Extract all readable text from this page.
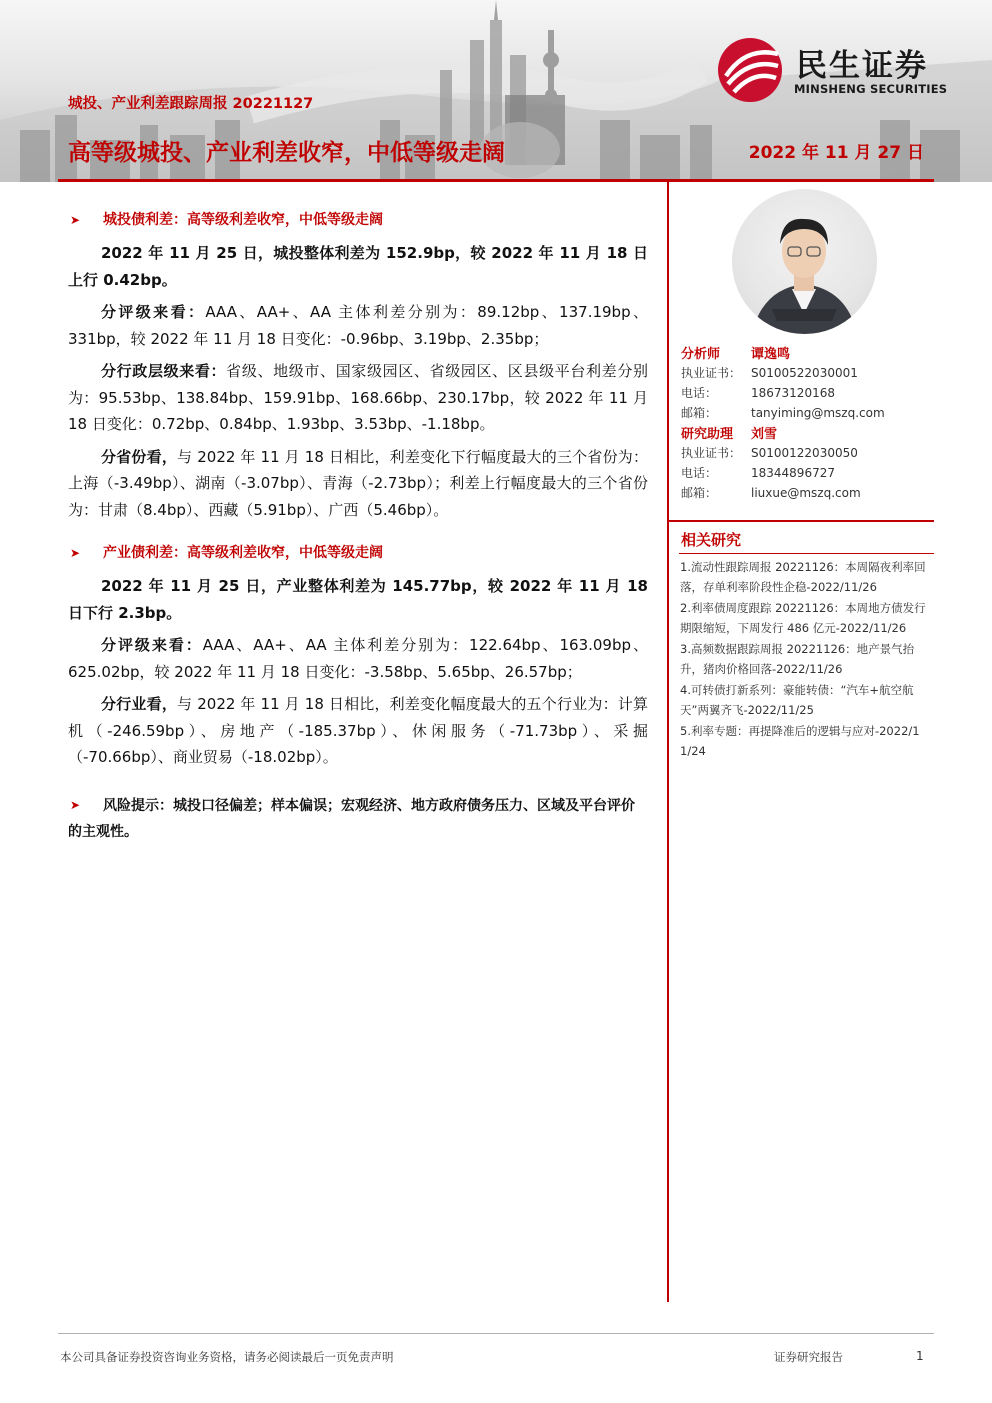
民生证券
MINSHENG SECURITIES
城投、产业利差跟踪周报 20221127
高等级城投、产业利差收窄，中低等级走阔	2022 年 11 月 27 日
➤ 城投债利差：高等级利差收窄，中低等级走阔

2022 年 11 月 25 日，城投整体利差为 152.9bp，较 2022 年 11 月 18 日上行 0.42bp。

分评级来看：AAA、AA+、AA 主体利差分别为：89.12bp、137.19bp、331bp，较 2022 年 11 月 18 日变化：-0.96bp、3.19bp、2.35bp；

分行政层级来看：省级、地级市、国家级园区、省级园区、区县级平台利差分别为：95.53bp、138.84bp、159.91bp、168.66bp、230.17bp，较 2022 年 11 月 18 日变化：0.72bp、0.84bp、1.93bp、3.53bp、-1.18bp。

分省份看，与 2022 年 11 月 18 日相比，利差变化下行幅度最大的三个省份为：上海（-3.49bp）、湖南（-3.07bp）、青海（-2.73bp）；利差上行幅度最大的三个省份为：甘肃（8.4bp）、西藏（5.91bp）、广西（5.46bp）。

➤ 产业债利差：高等级利差收窄，中低等级走阔

2022 年 11 月 25 日，产业整体利差为 145.77bp，较 2022 年 11 月 18 日下行 2.3bp。

分评级来看：AAA、AA+、AA 主体利差分别为：122.64bp、163.09bp、625.02bp，较 2022 年 11 月 18 日变化：-3.58bp、5.65bp、26.57bp；

分行业看，与 2022 年 11 月 18 日相比，利差变化幅度最大的五个行业为：计算机（-246.59bp）、房地产（-185.37bp）、休闲服务（-71.73bp）、采掘（-70.66bp）、商业贸易（-18.02bp）。

➤	风险提示：城投口径偏差；样本偏误；宏观经济、地方政府债务压力、区域及平台评价的主观性。
分析师 谭逸鸣
执业证书： S0100522030001
电话：	18673120168
邮箱：	tanyiming@mszq.com
研究助理 刘雪
执业证书： S0100122030050
电话：	18344896727
邮箱：	liuxue@mszq.com
相关研究
1.流动性跟踪周报 20221126：本周隔夜利率回落，存单利率阶段性企稳-2022/11/26
2.利率债周度跟踪 20221126：本周地方债发行期限缩短，下周发行 486 亿元-2022/11/26
3.高频数据跟踪周报 20221126：地产景气抬升，猪肉价格回落-2022/11/26
4.可转债打新系列：豪能转债：“汽车+航空航天”两翼齐飞-2022/11/25
5.利率专题：再提降准后的逻辑与应对-2022/11/24
本公司具备证券投资咨询业务资格，请务必阅读最后一页免责声明	证券研究报告	1
